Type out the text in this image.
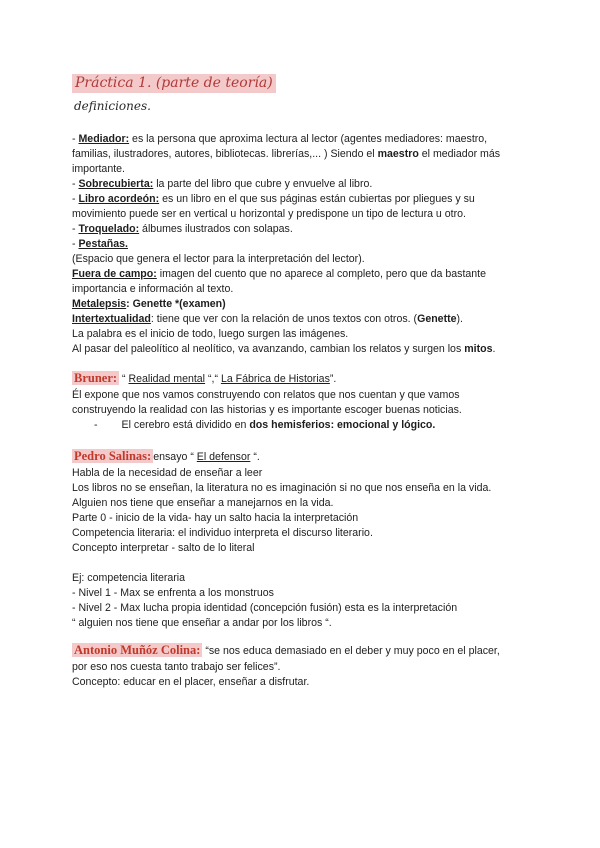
Práctica 1. (parte de teoría)
definiciones.
- Mediador: es la persona que aproxima lectura al lector (agentes mediadores: maestro,
familias, ilustradores, autores, bibliotecas. librerías,... ) Siendo el maestro el mediador más
importante.
- Sobrecubierta: la parte del libro que cubre y envuelve al libro.
- Libro acordeón: es un libro en el que sus páginas están cubiertas por pliegues y su
movimiento puede ser en vertical u horizontal y predispone un tipo de lectura u otro.
- Troquelado: álbumes ilustrados con solapas.
- Pestañas.
(Espacio que genera el lector para la interpretación del lector).
Fuera de campo: imagen del cuento que no aparece al completo, pero que da bastante
importancia e información al texto.
Metalepsis: Genette *(examen)
Intertextualidad: tiene que ver con la relación de unos textos con otros. (Genette).
La palabra es el inicio de todo, luego surgen las imágenes.
Al pasar del paleolítico al neolítico, va avanzando, cambian los relatos y surgen los mitos.
Bruner: “ Realidad mental “,“ La Fábrica de Historias”.
Él expone que nos vamos construyendo con relatos que nos cuentan y que vamos
construyendo la realidad con las historias y es importante escoger buenas noticias.
- El cerebro está dividido en dos hemisferios: emocional y lógico.
Pedro Salinas: ensayo “ El defensor “.
Habla de la necesidad de enseñar a leer
Los libros no se enseñan, la literatura no es imaginación si no que nos enseña en la vida.
Alguien nos tiene que enseñar a manejarnos en la vida.
Parte 0 - inicio de la vida- hay un salto hacia la interpretación
Competencia literaria: el individuo interpreta el discurso literario.
Concepto interpretar - salto de lo literal
Ej: competencia literaria
- Nivel 1 - Max se enfrenta a los monstruos
- Nivel 2 - Max lucha propia identidad (concepción fusión) esta es la interpretación
“ alguien nos tiene que enseñar a andar por los libros “.
Antonio Muñóz Colina: “se nos educa demasiado en el deber y muy poco en el placer,
por eso nos cuesta tanto trabajo ser felices”.
Concepto: educar en el placer, enseñar a disfrutar.
